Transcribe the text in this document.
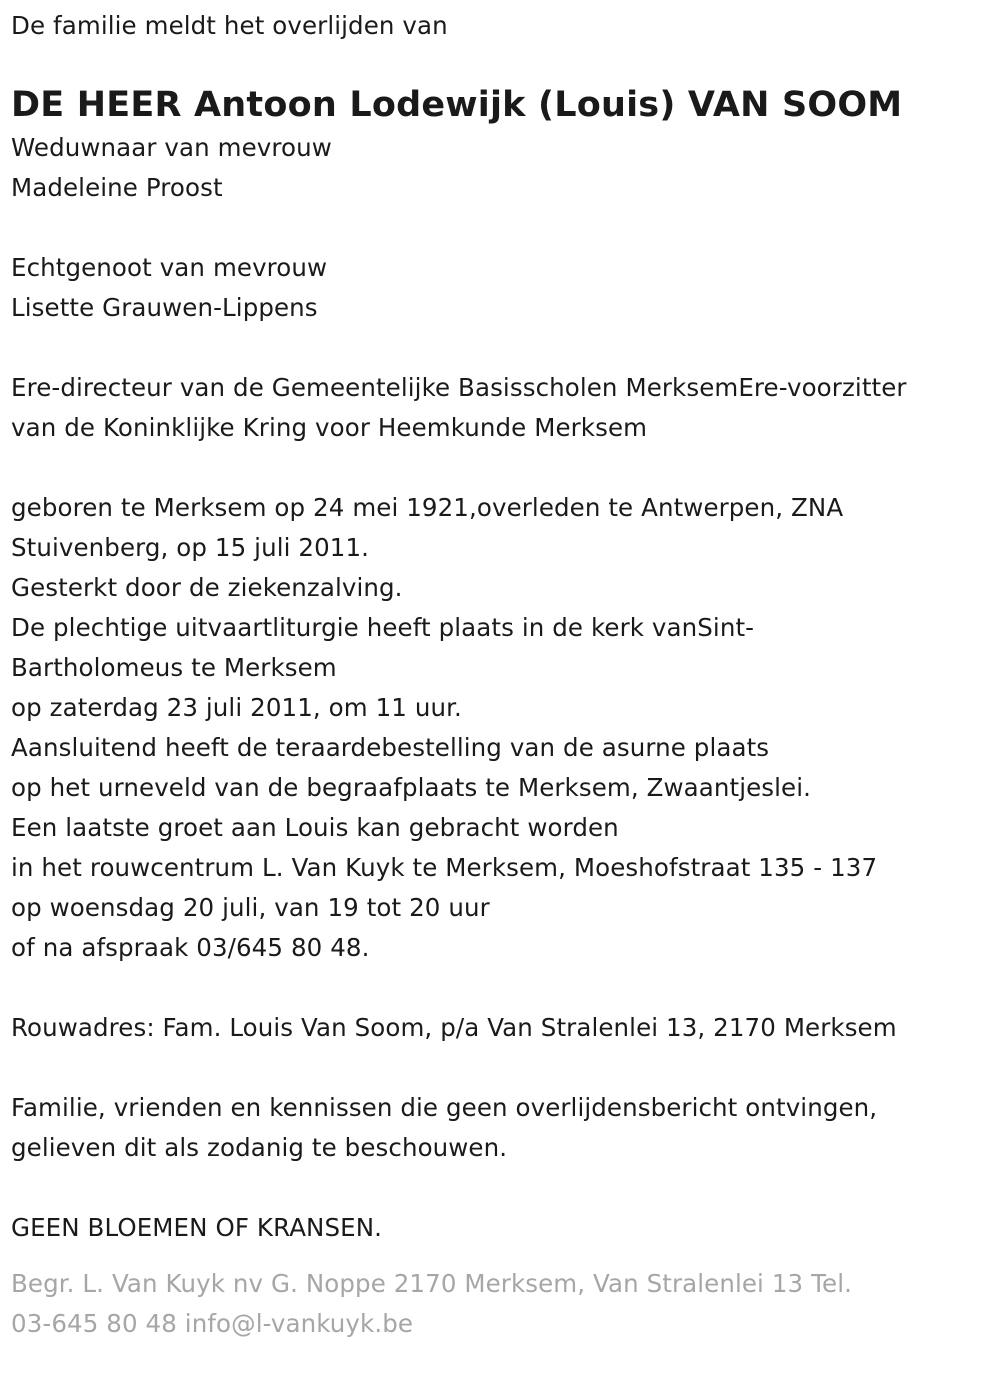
De familie meldt het overlijden van
DE HEER Antoon Lodewijk (Louis) VAN SOOM
Weduwnaar van mevrouw
Madeleine Proost
Echtgenoot van mevrouw
Lisette Grauwen-Lippens
Ere-directeur van de Gemeentelijke Basisscholen MerksemEre-voorzitter
van de Koninklijke Kring voor Heemkunde Merksem
geboren te Merksem op 24 mei 1921,overleden te Antwerpen, ZNA
Stuivenberg, op 15 juli 2011.
Gesterkt door de ziekenzalving.
De plechtige uitvaartliturgie heeft plaats in de kerk vanSint-
Bartholomeus te Merksem
op zaterdag 23 juli 2011, om 11 uur.
Aansluitend heeft de teraardebestelling van de asurne plaats
op het urneveld van de begraafplaats te Merksem, Zwaantjeslei.
Een laatste groet aan Louis kan gebracht worden
in het rouwcentrum L. Van Kuyk te Merksem, Moeshofstraat 135 - 137
op woensdag 20 juli, van 19 tot 20 uur
of na afspraak 03/645 80 48.
Rouwadres: Fam. Louis Van Soom, p/a Van Stralenlei 13, 2170 Merksem
Familie, vrienden en kennissen die geen overlijdensbericht ontvingen,
gelieven dit als zodanig te beschouwen.
GEEN BLOEMEN OF KRANSEN.
Begr. L. Van Kuyk nv G. Noppe 2170 Merksem, Van Stralenlei 13 Tel.
03-645 80 48 info@l-vankuyk.be
